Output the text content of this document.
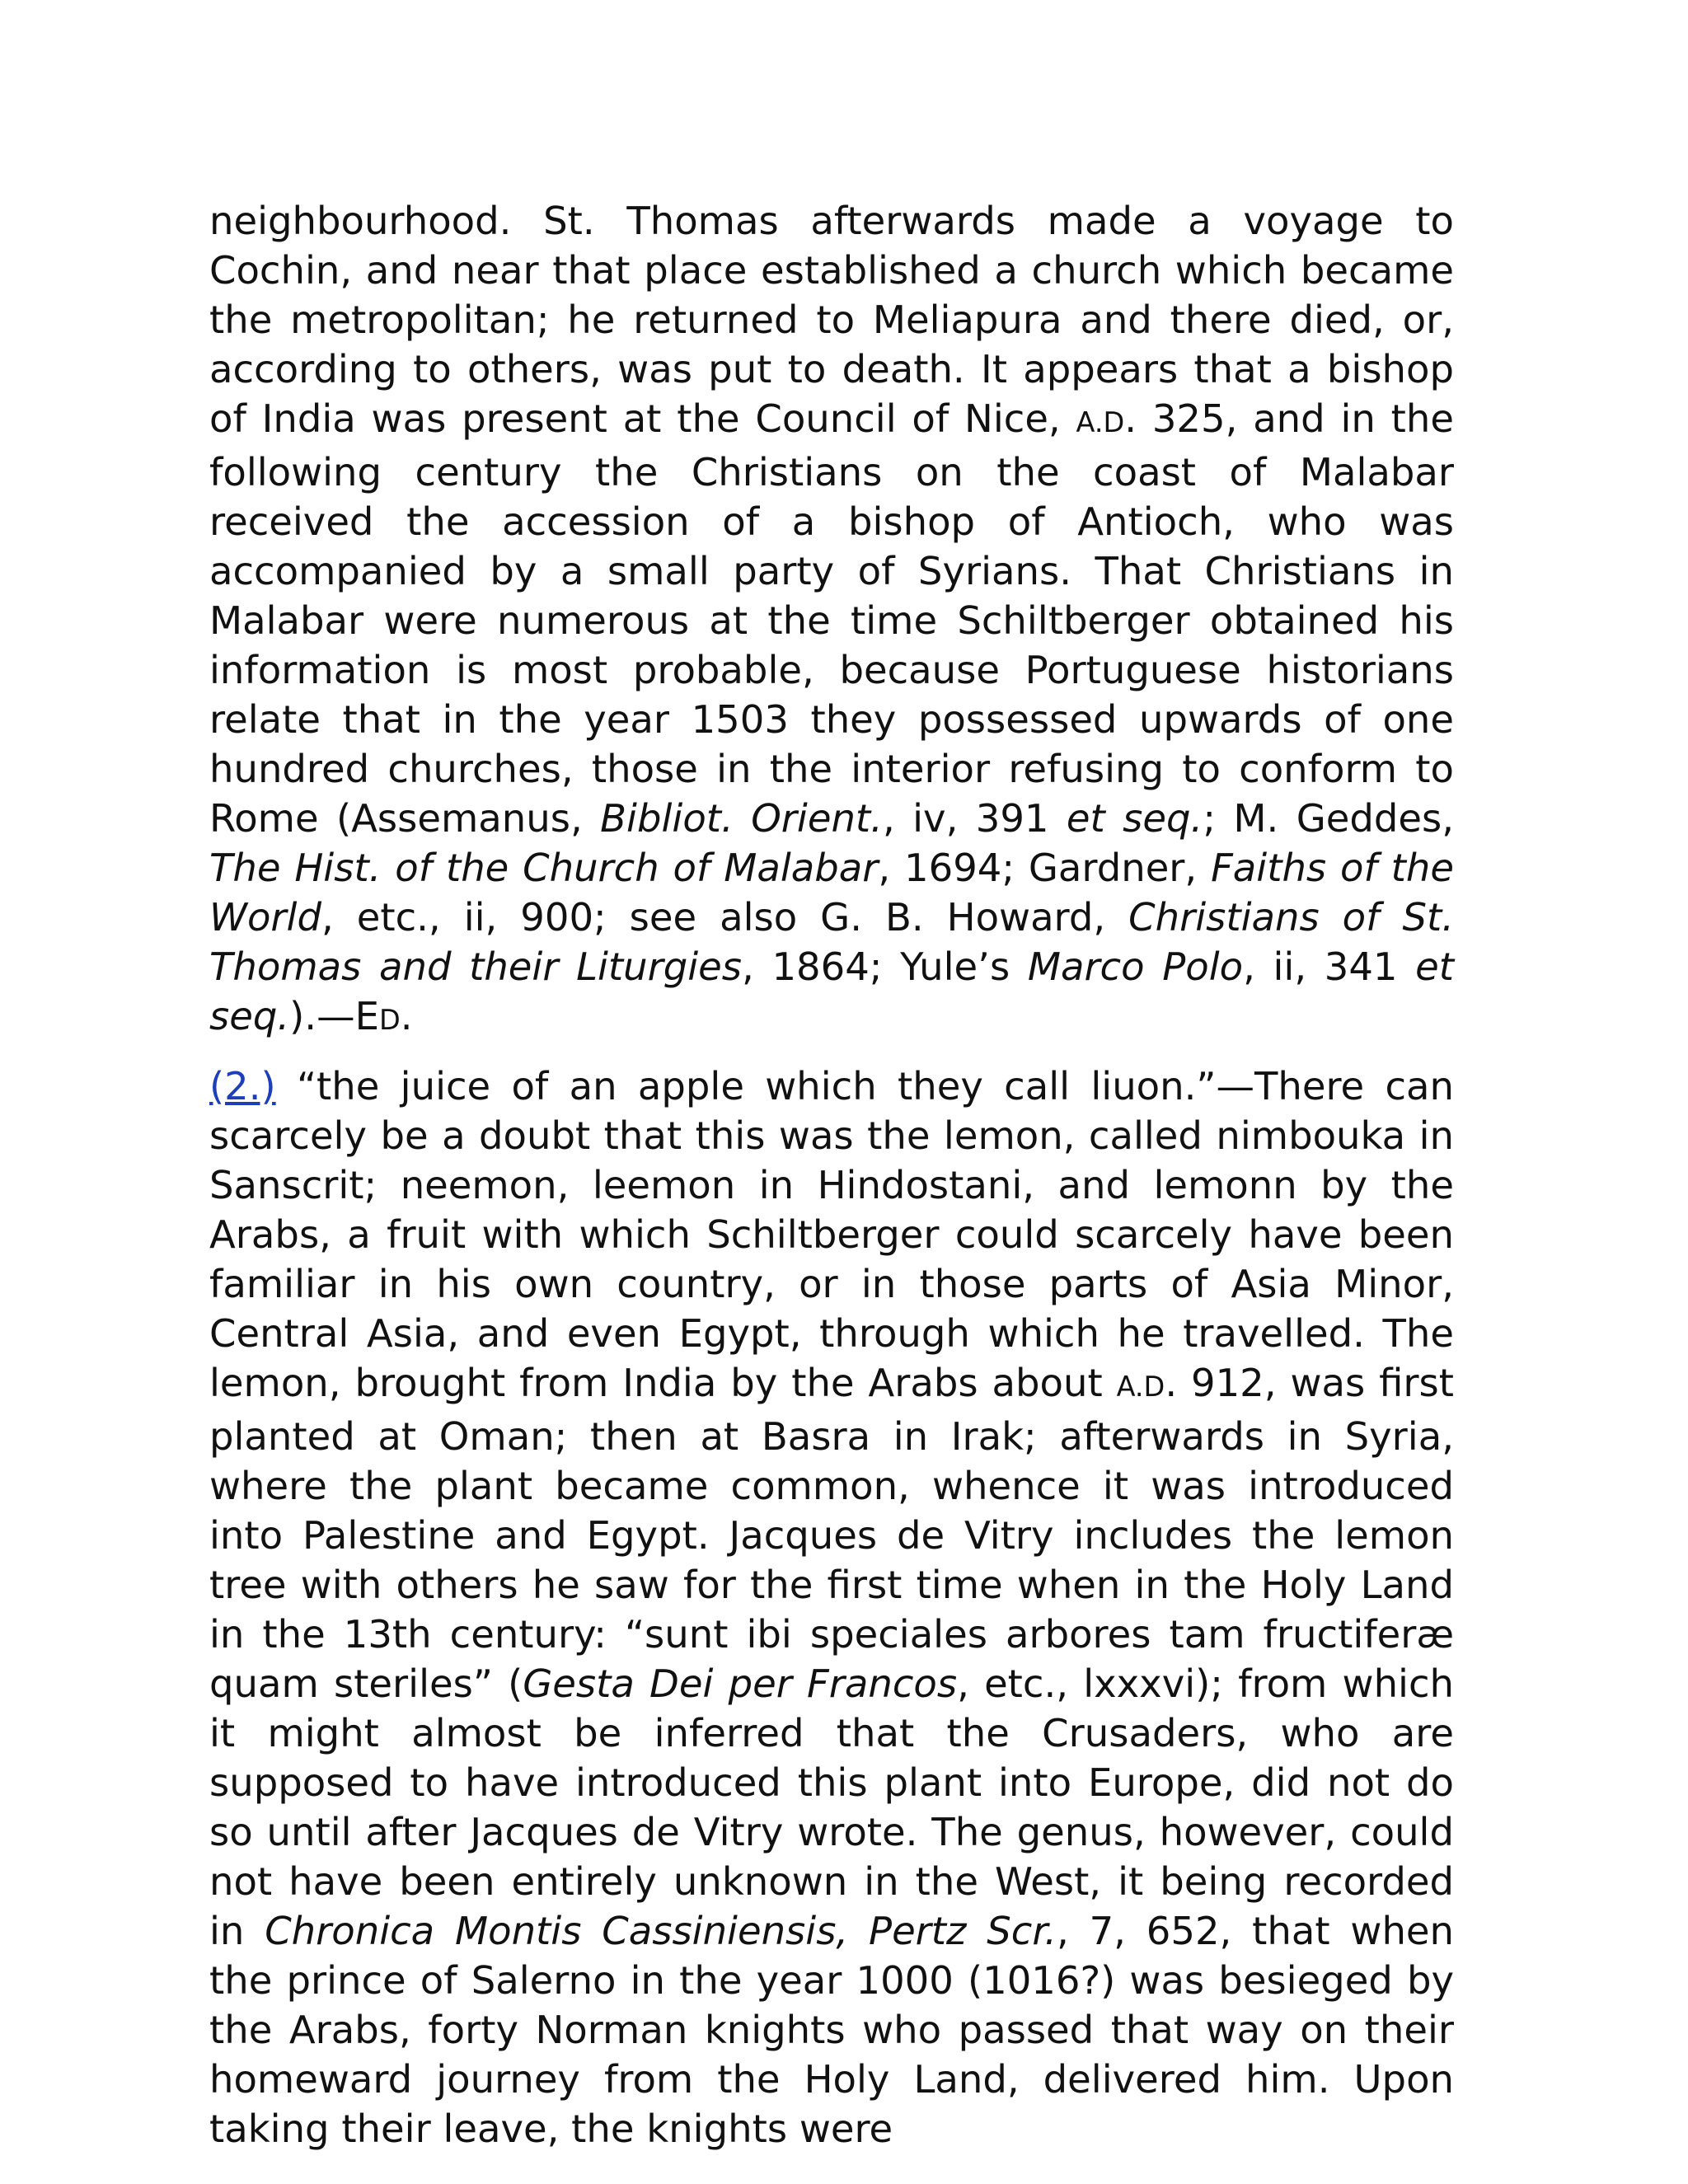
neighbourhood. St. Thomas afterwards made a voyage to Cochin, and near that place established a church which became the metropolitan; he returned to Meliapura and there died, or, according to others, was put to death. It appears that a bishop of India was present at the Council of Nice, A.D. 325, and in the following century the Christians on the coast of Malabar received the accession of a bishop of Antioch, who was accompanied by a small party of Syrians. That Christians in Malabar were numerous at the time Schiltberger obtained his information is most probable, because Portuguese historians relate that in the year 1503 they possessed upwards of one hundred churches, those in the interior refusing to conform to Rome (Assemanus, Bibliot. Orient., iv, 391 et seq.; M. Geddes, The Hist. of the Church of Malabar, 1694; Gardner, Faiths of the World, etc., ii, 900; see also G. B. Howard, Christians of St. Thomas and their Liturgies, 1864; Yule’s Marco Polo, ii, 341 et seq.).—ED.

(2.) “the juice of an apple which they call liuon.”—There can scarcely be a doubt that this was the lemon, called nimbouka in Sanscrit; neemon, leemon in Hindostani, and lemonn by the Arabs, a fruit with which Schiltberger could scarcely have been familiar in his own country, or in those parts of Asia Minor, Central Asia, and even Egypt, through which he travelled. The lemon, brought from India by the Arabs about A.D. 912, was first planted at Oman; then at Basra in Irak; afterwards in Syria, where the plant became common, whence it was introduced into Palestine and Egypt. Jacques de Vitry includes the lemon tree with others he saw for the first time when in the Holy Land in the 13th century: “sunt ibi speciales arbores tam fructiferæ quam steriles” (Gesta Dei per Francos, etc., lxxxvi); from which it might almost be inferred that the Crusaders, who are supposed to have introduced this plant into Europe, did not do so until after Jacques de Vitry wrote. The genus, however, could not have been entirely unknown in the West, it being recorded in Chronica Montis Cassiniensis, Pertz Scr., 7, 652, that when the prince of Salerno in the year 1000 (1016?) was besieged by the Arabs, forty Norman knights who passed that way on their homeward journey from the Holy Land, delivered him. Upon taking their leave, the knights were
